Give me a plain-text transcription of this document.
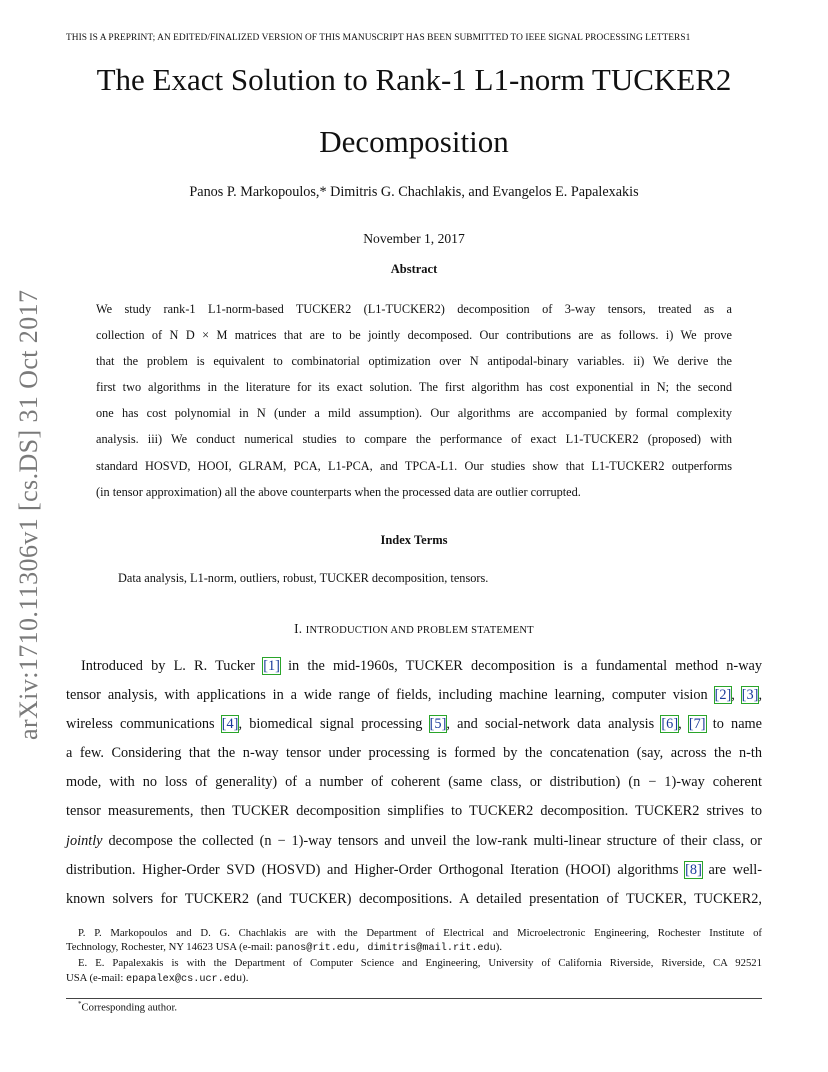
THIS IS A PREPRINT; AN EDITED/FINALIZED VERSION OF THIS MANUSCRIPT HAS BEEN SUBMITTED TO IEEE SIGNAL PROCESSING LETTERS1
The Exact Solution to Rank-1 L1-norm TUCKER2
Decomposition
Panos P. Markopoulos,* Dimitris G. Chachlakis, and Evangelos E. Papalexakis
November 1, 2017
Abstract
We study rank-1 L1-norm-based TUCKER2 (L1-TUCKER2) decomposition of 3-way tensors, treated as a
collection of N D × M matrices that are to be jointly decomposed. Our contributions are as follows. i) We prove
that the problem is equivalent to combinatorial optimization over N antipodal-binary variables. ii) We derive the
first two algorithms in the literature for its exact solution. The first algorithm has cost exponential in N; the second
one has cost polynomial in N (under a mild assumption). Our algorithms are accompanied by formal complexity
analysis. iii) We conduct numerical studies to compare the performance of exact L1-TUCKER2 (proposed) with
standard HOSVD, HOOI, GLRAM, PCA, L1-PCA, and TPCA-L1. Our studies show that L1-TUCKER2 outperforms
(in tensor approximation) all the above counterparts when the processed data are outlier corrupted.
Index Terms
Data analysis, L1-norm, outliers, robust, TUCKER decomposition, tensors.
I. INTRODUCTION AND PROBLEM STATEMENT
Introduced by L. R. Tucker [1] in the mid-1960s, TUCKER decomposition is a fundamental method n-way
tensor analysis, with applications in a wide range of fields, including machine learning, computer vision [2], [3],
wireless communications [4], biomedical signal processing [5], and social-network data analysis [6], [7] to name
a few. Considering that the n-way tensor under processing is formed by the concatenation (say, across the n-th
mode, with no loss of generality) of a number of coherent (same class, or distribution) (n − 1)-way coherent
tensor measurements, then TUCKER decomposition simplifies to TUCKER2 decomposition. TUCKER2 strives to
jointly decompose the collected (n − 1)-way tensors and unveil the low-rank multi-linear structure of their class, or
distribution. Higher-Order SVD (HOSVD) and Higher-Order Orthogonal Iteration (HOOI) algorithms [8] are well-
known solvers for TUCKER2 (and TUCKER) decompositions. A detailed presentation of TUCKER, TUCKER2,
P. P. Markopoulos and D. G. Chachlakis are with the Department of Electrical and Microelectronic Engineering, Rochester Institute of
Technology, Rochester, NY 14623 USA (e-mail: panos@rit.edu, dimitris@mail.rit.edu).
E. E. Papalexakis is with the Department of Computer Science and Engineering, University of California Riverside, Riverside, CA 92521
USA (e-mail: epapalex@cs.ucr.edu).
*Corresponding author.
arXiv:1710.11306v1 [cs.DS] 31 Oct 2017
